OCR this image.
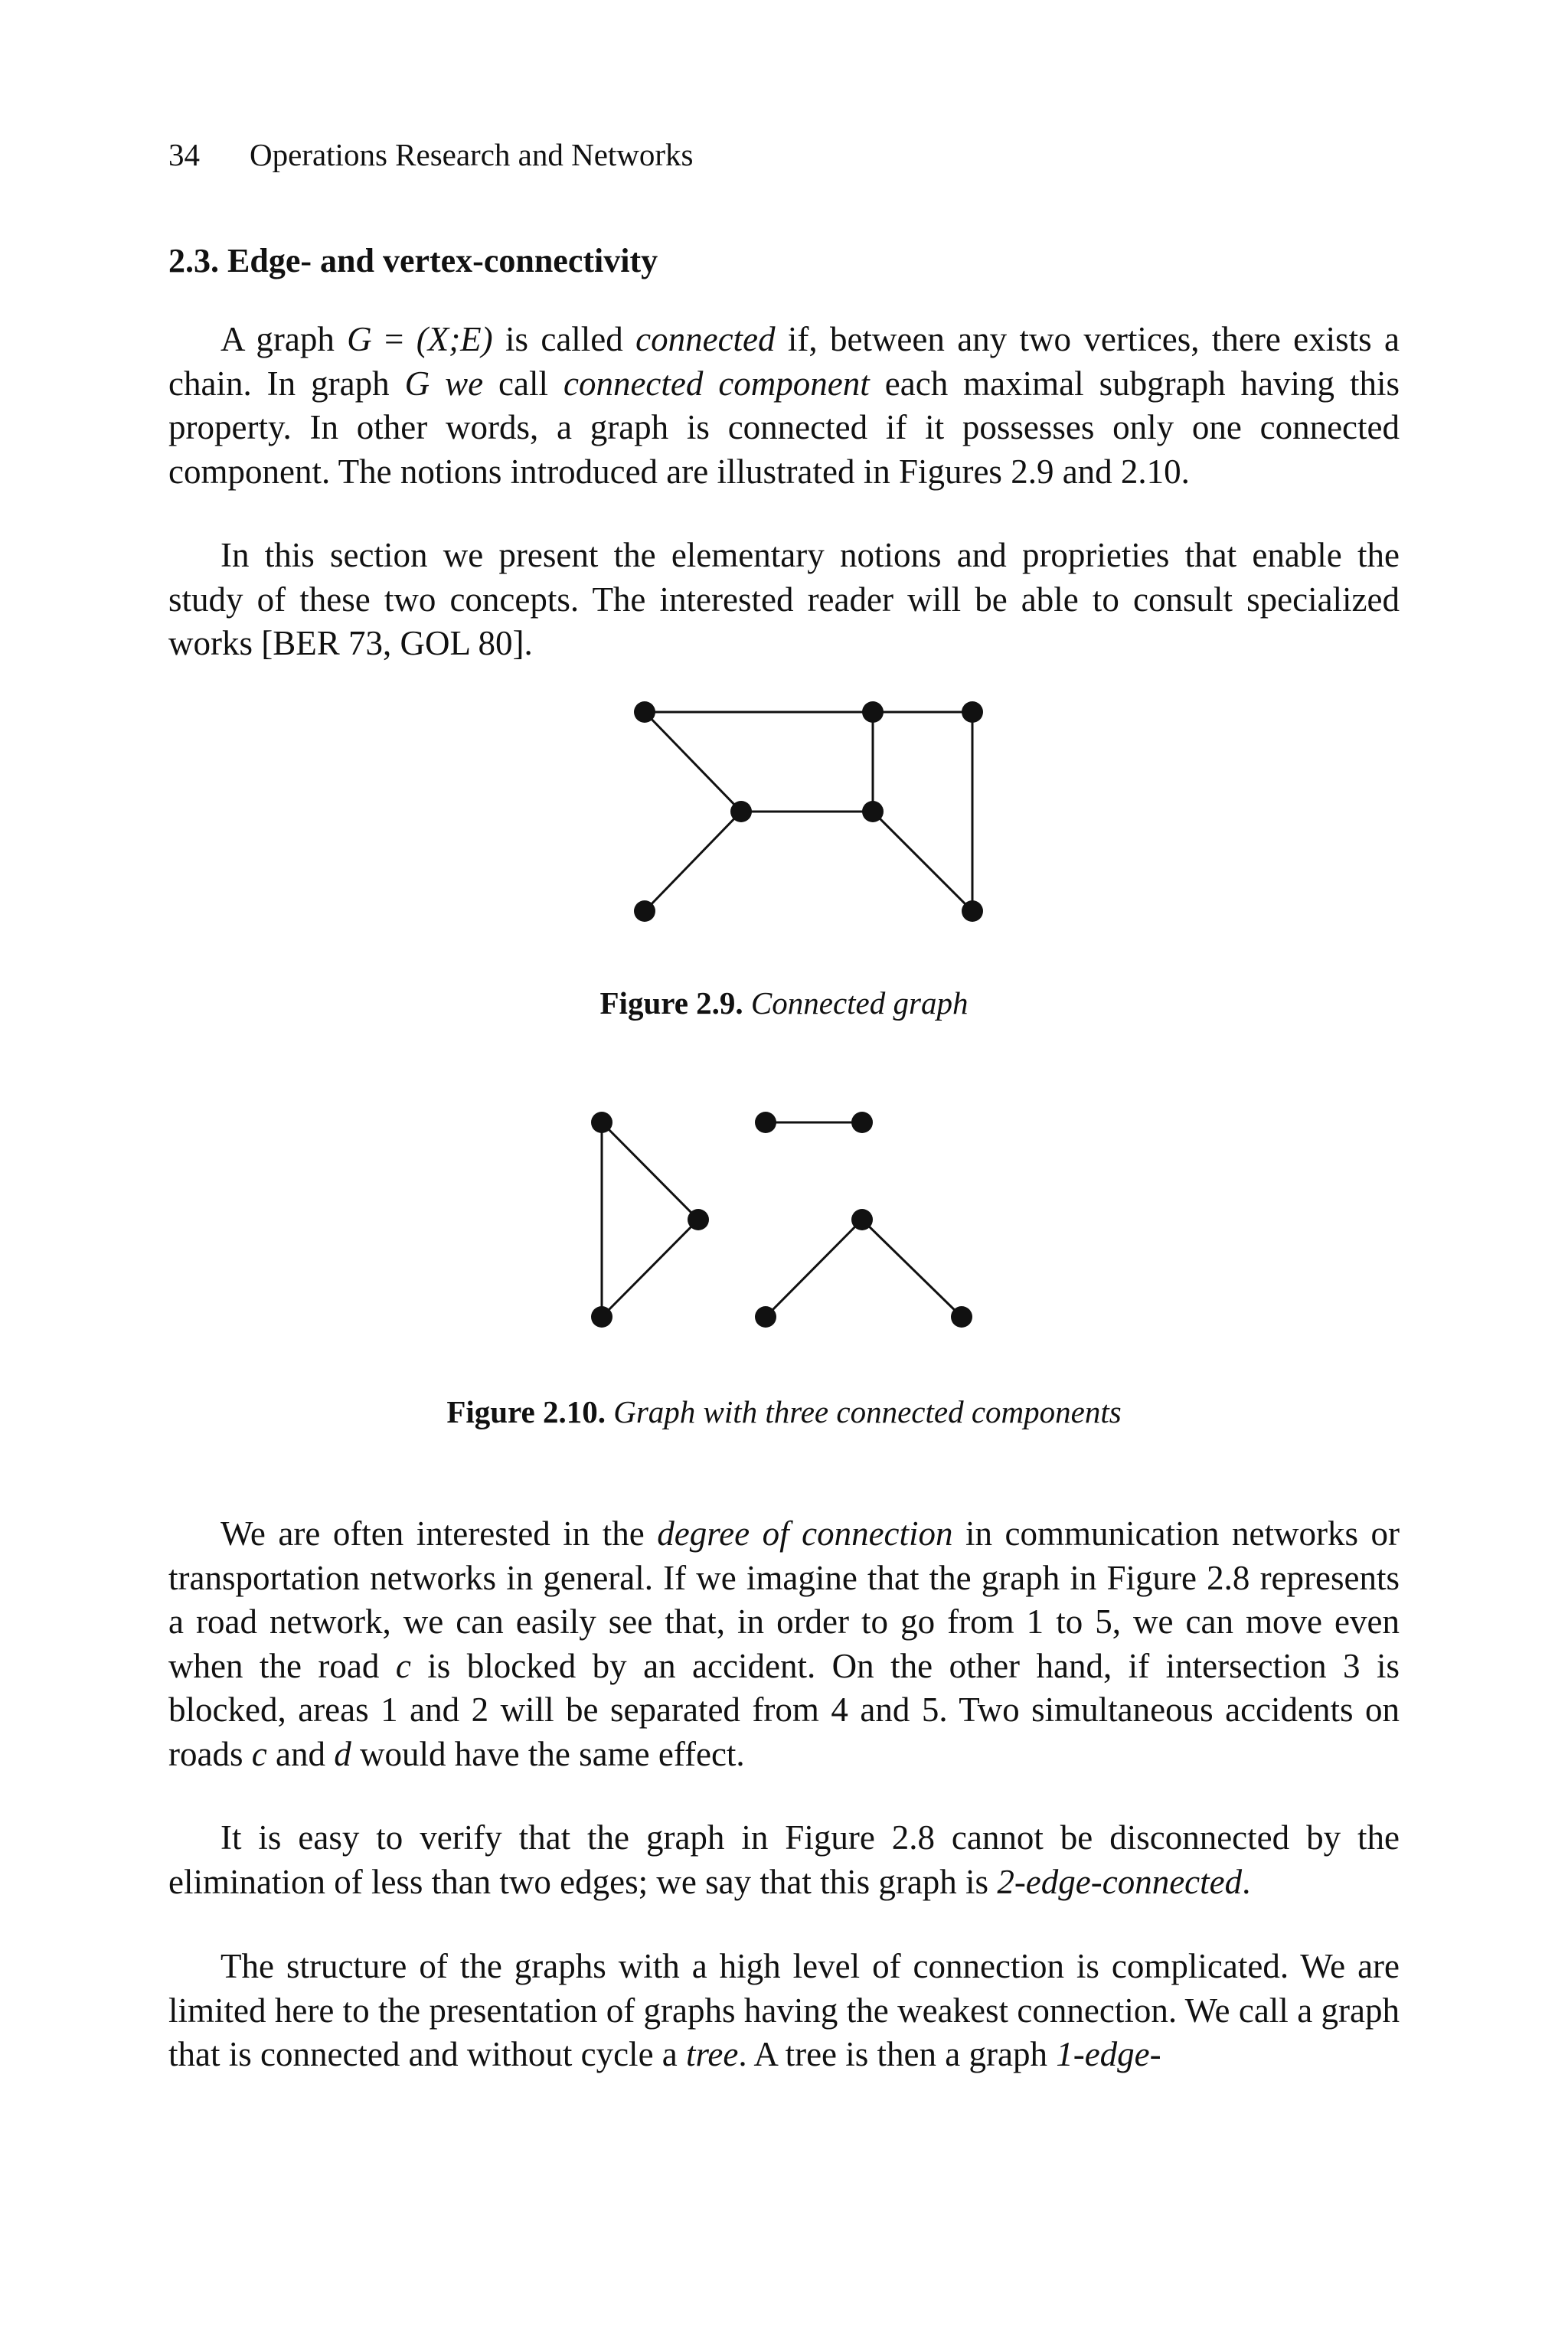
34 Operations Research and Networks
2.3. Edge- and vertex-connectivity

A graph G = (X;E) is called connected if, between any two vertices, there exists a chain. In graph G we call connected component each maximal subgraph having this property. In other words, a graph is connected if it possesses only one connected component. The notions introduced are illustrated in Figures 2.9 and 2.10.

In this section we present the elementary notions and proprieties that enable the study of these two concepts. The interested reader will be able to consult specialized works [BER 73, GOL 80].

Figure 2.9. Connected graph
Figure 2.10. Graph with three connected components

We are often interested in the degree of connection in communication networks or transportation networks in general. If we imagine that the graph in Figure 2.8 represents a road network, we can easily see that, in order to go from 1 to 5, we can move even when the road c is blocked by an accident. On the other hand, if intersection 3 is blocked, areas 1 and 2 will be separated from 4 and 5. Two simultaneous accidents on roads c and d would have the same effect.

It is easy to verify that the graph in Figure 2.8 cannot be disconnected by the elimination of less than two edges; we say that this graph is 2-edge-connected.

The structure of the graphs with a high level of connection is complicated. We are limited here to the presentation of graphs having the weakest connection. We call a graph that is connected and without cycle a tree. A tree is then a graph 1-edge-
